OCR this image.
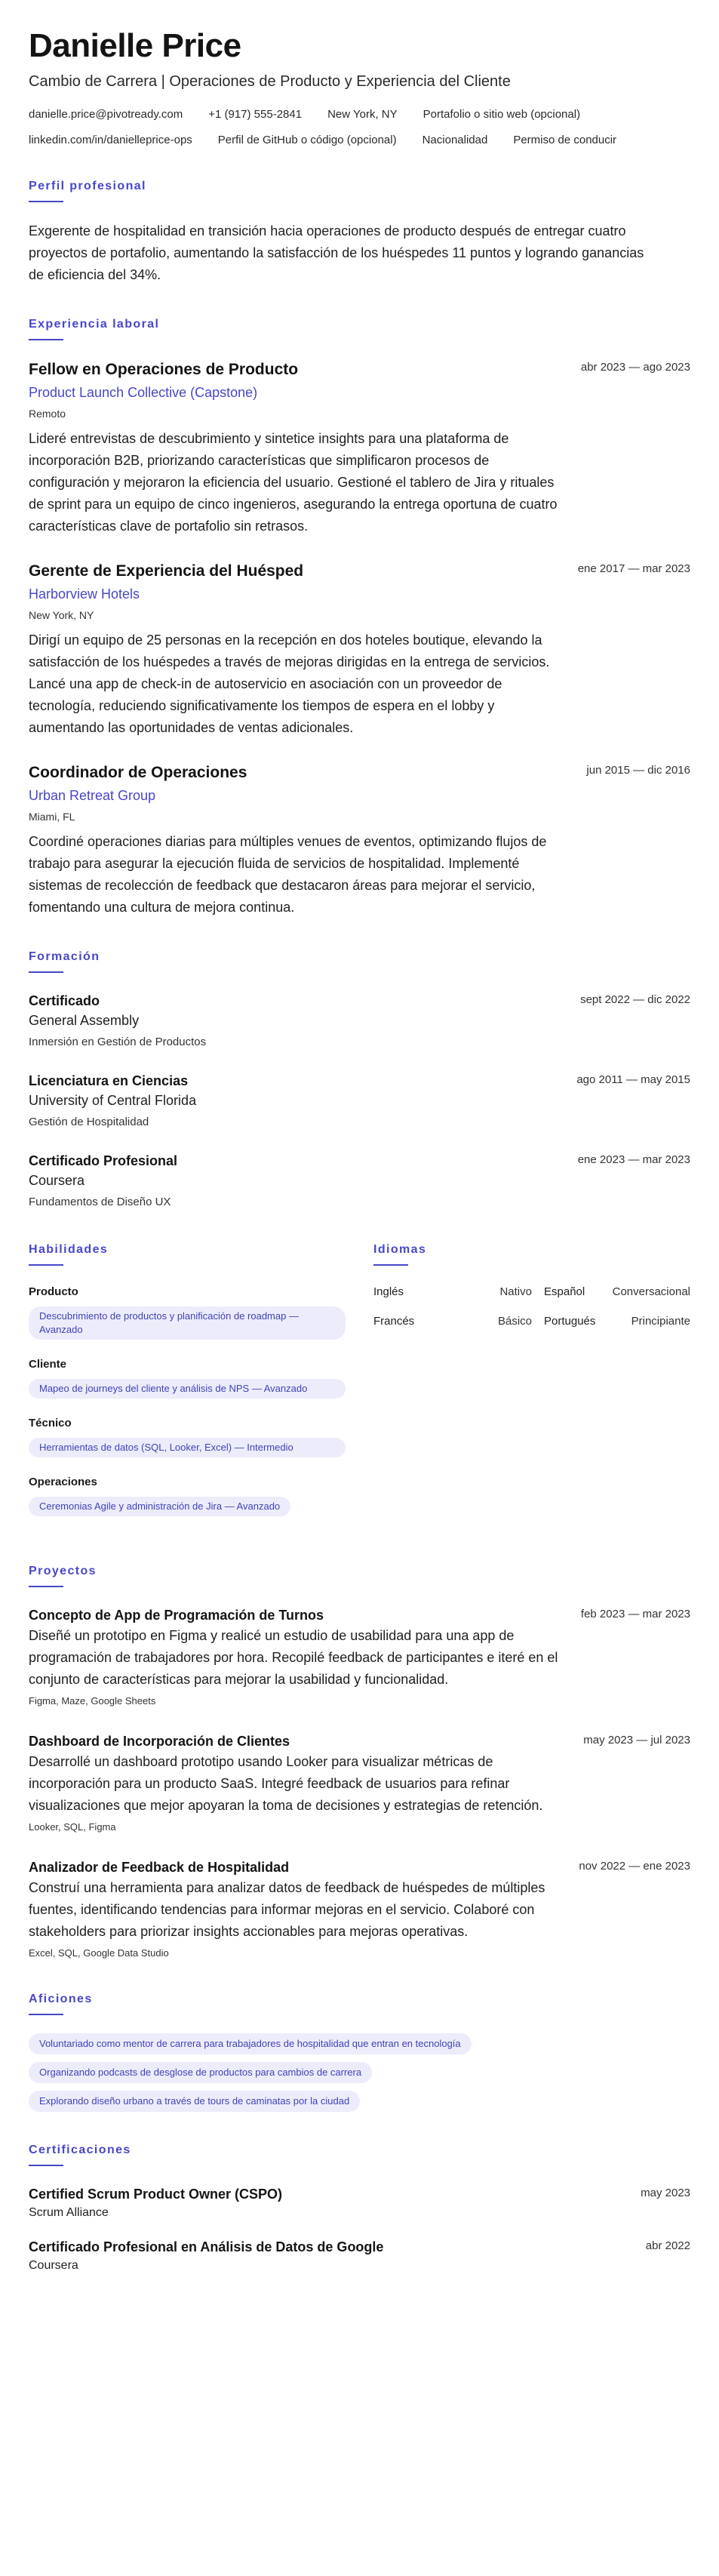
Danielle Price
Cambio de Carrera | Operaciones de Producto y Experiencia del Cliente
danielle.price@pivotready.com +1 (917) 555-2841 New York, NY Portafolio o sitio web (opcional)
linkedin.com/in/danielleprice-ops Perfil de GitHub o código (opcional) Nacionalidad Permiso de conducir
Perfil profesional
Exgerente de hospitalidad en transición hacia operaciones de producto después de entregar cuatro proyectos de portafolio, aumentando la satisfacción de los huéspedes 11 puntos y logrando ganancias de eficiencia del 34%.
Experiencia laboral
Fellow en Operaciones de Producto	abr 2023 — ago 2023
Product Launch Collective (Capstone)
Remoto
Lideré entrevistas de descubrimiento y sintetice insights para una plataforma de incorporación B2B, priorizando características que simplificaron procesos de configuración y mejoraron la eficiencia del usuario. Gestioné el tablero de Jira y rituales de sprint para un equipo de cinco ingenieros, asegurando la entrega oportuna de cuatro características clave de portafolio sin retrasos.
Gerente de Experiencia del Huésped	ene 2017 — mar 2023
Harborview Hotels
New York, NY
Dirigí un equipo de 25 personas en la recepción en dos hoteles boutique, elevando la satisfacción de los huéspedes a través de mejoras dirigidas en la entrega de servicios. Lancé una app de check-in de autoservicio en asociación con un proveedor de tecnología, reduciendo significativamente los tiempos de espera en el lobby y aumentando las oportunidades de ventas adicionales.
Coordinador de Operaciones	jun 2015 — dic 2016
Urban Retreat Group
Miami, FL
Coordiné operaciones diarias para múltiples venues de eventos, optimizando flujos de trabajo para asegurar la ejecución fluida de servicios de hospitalidad. Implementé sistemas de recolección de feedback que destacaron áreas para mejorar el servicio, fomentando una cultura de mejora continua.
Formación
Certificado	sept 2022 — dic 2022
General Assembly
Inmersión en Gestión de Productos
Licenciatura en Ciencias	ago 2011 — may 2015
University of Central Florida
Gestión de Hospitalidad
Certificado Profesional	ene 2023 — mar 2023
Coursera
Fundamentos de Diseño UX
Habilidades
Producto
Descubrimiento de productos y planificación de roadmap — Avanzado
Cliente
Mapeo de journeys del cliente y análisis de NPS — Avanzado
Técnico
Herramientas de datos (SQL, Looker, Excel) — Intermedio
Operaciones
Ceremonias Agile y administración de Jira — Avanzado
Idiomas
Inglés	Nativo	Español	Conversacional
Francés	Básico	Portugués	Principiante
Proyectos
Concepto de App de Programación de Turnos	feb 2023 — mar 2023
Diseñé un prototipo en Figma y realicé un estudio de usabilidad para una app de programación de trabajadores por hora. Recopilé feedback de participantes e iteré en el conjunto de características para mejorar la usabilidad y funcionalidad.
Figma, Maze, Google Sheets
Dashboard de Incorporación de Clientes	may 2023 — jul 2023
Desarrollé un dashboard prototipo usando Looker para visualizar métricas de incorporación para un producto SaaS. Integré feedback de usuarios para refinar visualizaciones que mejor apoyaran la toma de decisiones y estrategias de retención.
Looker, SQL, Figma
Analizador de Feedback de Hospitalidad	nov 2022 — ene 2023
Construí una herramienta para analizar datos de feedback de huéspedes de múltiples fuentes, identificando tendencias para informar mejoras en el servicio. Colaboré con stakeholders para priorizar insights accionables para mejoras operativas.
Excel, SQL, Google Data Studio
Aficiones
Voluntariado como mentor de carrera para trabajadores de hospitalidad que entran en tecnología
Organizando podcasts de desglose de productos para cambios de carrera
Explorando diseño urbano a través de tours de caminatas por la ciudad
Certificaciones
Certified Scrum Product Owner (CSPO)	may 2023
Scrum Alliance
Certificado Profesional en Análisis de Datos de Google	abr 2022
Coursera
